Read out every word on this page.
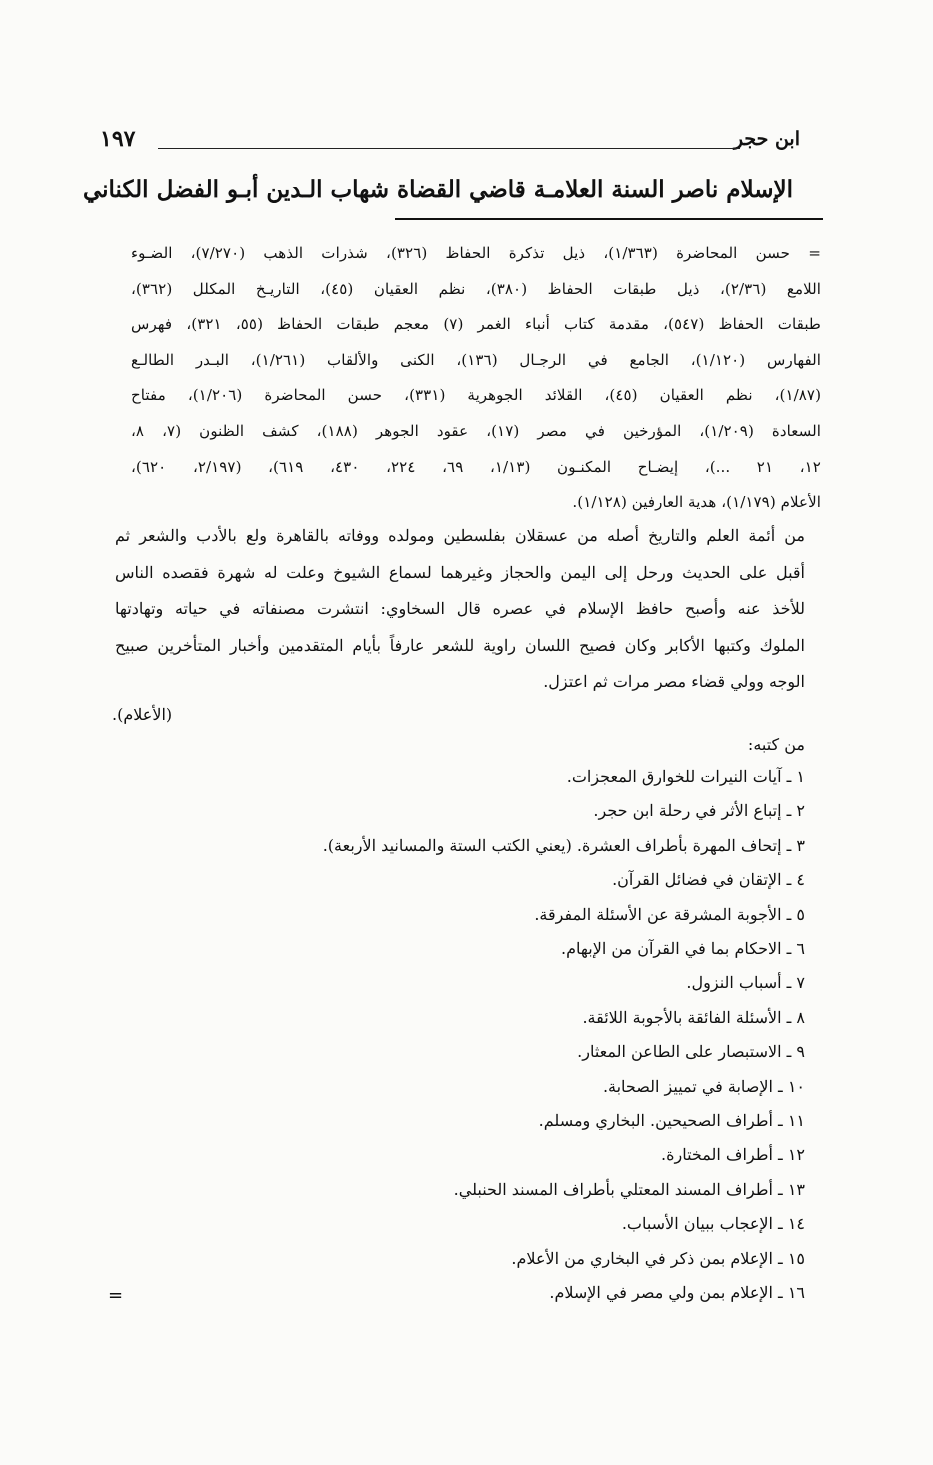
ابن حجر
١٩٧
الإسلام ناصر السنة العلامـة قاضي القضاة شهاب الـدين أبـو الفضل الكناني
= حسن المحاضرة (١/٣٦٣)، ذيل تذكرة الحفاظ (٣٢٦)، شذرات الذهب (٧/٢٧٠)، الضـوء
اللامع (٢/٣٦)، ذيل طبقات الحفاظ (٣٨٠)، نظم العقيان (٤٥)، التاريـخ المكلل (٣٦٢)،
طبقات الحفاظ (٥٤٧)، مقدمة كتاب أنباء الغمر (٧) معجم طبقات الحفاظ (٥٥، ٣٢١)، فهرس
الفهارس (١/١٢٠)، الجامع في الرجـال (١٣٦)، الكنى والألقاب (١/٢٦١)، البـدر الطالـع
(١/٨٧)، نظم العقيان (٤٥)، القلائد الجوهرية (٣٣١)، حسن المحاضرة (١/٢٠٦)، مفتاح
السعادة (١/٢٠٩)، المؤرخين في مصر (١٧)، عقود الجوهر (١٨٨)، كشف الظنون (٧، ٨،
١٢، ٢١ ...)، إيضـاح المكنـون (١/١٣، ٦٩، ٢٢٤، ٤٣٠، ٦١٩)، (٢/١٩٧، ٦٢٠)،
الأعلام (١/١٧٩)، هدية العارفين (١/١٢٨).
من أئمة العلم والتاريخ أصله من عسقلان بفلسطين ومولده ووفاته بالقاهرة ولع بالأدب والشعر ثم
أقبل على الحديث ورحل إلى اليمن والحجاز وغيرهما لسماع الشيوخ وعلت له شهرة فقصده الناس
للأخذ عنه وأصبح حافظ الإسلام في عصره قال السخاوي: انتشرت مصنفاته في حياته وتهادتها
الملوك وكتبها الأكابر وكان فصيح اللسان راوية للشعر عارفاً بأيام المتقدمين وأخبار المتأخرين صبيح
الوجه وولي قضاء مصر مرات ثم اعتزل.
(الأعلام).
من كتبه:
١ ـ آيات النيرات للخوارق المعجزات.
٢ ـ إتباع الأثر في رحلة ابن حجر.
٣ ـ إتحاف المهرة بأطراف العشرة. (يعني الكتب الستة والمسانيد الأربعة).
٤ ـ الإتقان في فضائل القرآن.
٥ ـ الأجوبة المشرقة عن الأسئلة المفرقة.
٦ ـ الاحكام بما في القرآن من الإبهام.
٧ ـ أسباب النزول.
٨ ـ الأسئلة الفائقة بالأجوبة اللائقة.
٩ ـ الاستبصار على الطاعن المعثار.
١٠ ـ الإصابة في تمييز الصحابة.
١١ ـ أطراف الصحيحين. البخاري ومسلم.
١٢ ـ أطراف المختارة.
١٣ ـ أطراف المسند المعتلي بأطراف المسند الحنبلي.
١٤ ـ الإعجاب ببيان الأسباب.
١٥ ـ الإعلام بمن ذكر في البخاري من الأعلام.
١٦ ـ الإعلام بمن ولي مصر في الإسلام.
=
